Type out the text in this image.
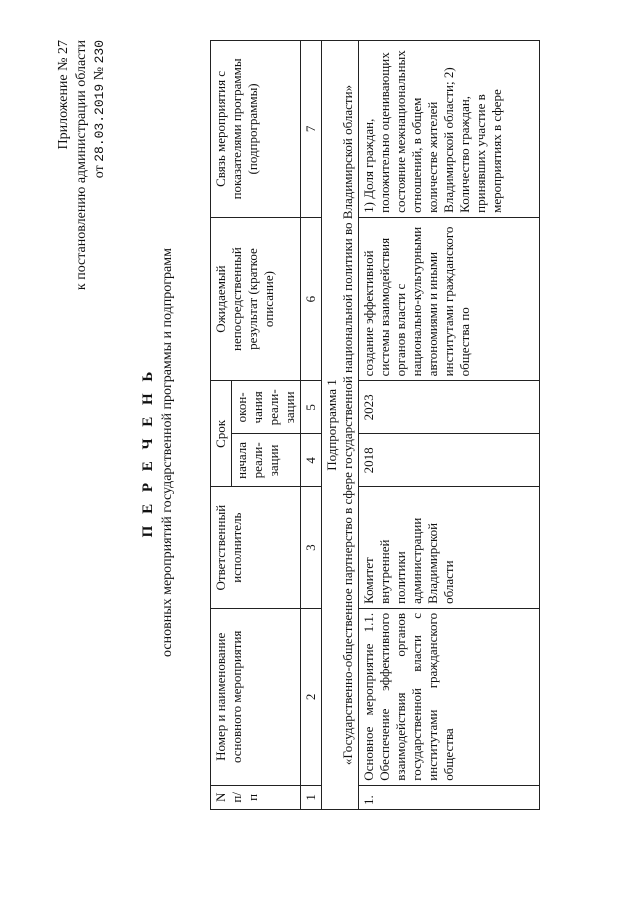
Приложение № 27 к постановлению администрации области от 28.03.2019 № 230
П Е Р Е Ч Е Н Ь основных мероприятий государственной программы и подпрограмм
N п/ п	Номер и наименование основного мероприятия	Ответственный исполнитель	Срок		Ожидаемый непосредственный результат (краткое описание)	Связь мероприятия с показателями программы (подпрограммы)
			начала реали- зации	окон- чания реали- зации		
1	2	3	4	5	6	7

Подпрограмма 1 «Государственно-общественное партнерство в сфере государственной национальной политики во Владимирской области»						

1.	Основное мероприятие 1.1. Обеспечение эффективного взаимодействия органов государственной власти с институтами гражданского общества	Комитет внутренней политики администрации Владимирской области	2018	2023	создание эффективной системы взаимодействия органов власти с национально-культурными автономиями и иными институтами гражданского общества по	1) Доля граждан, положительно оценивающих состояние межнациональных отношений, в общем количестве жителей Владимирской области; 2) Количество граждан, принявших участие в мероприятиях в сфере
